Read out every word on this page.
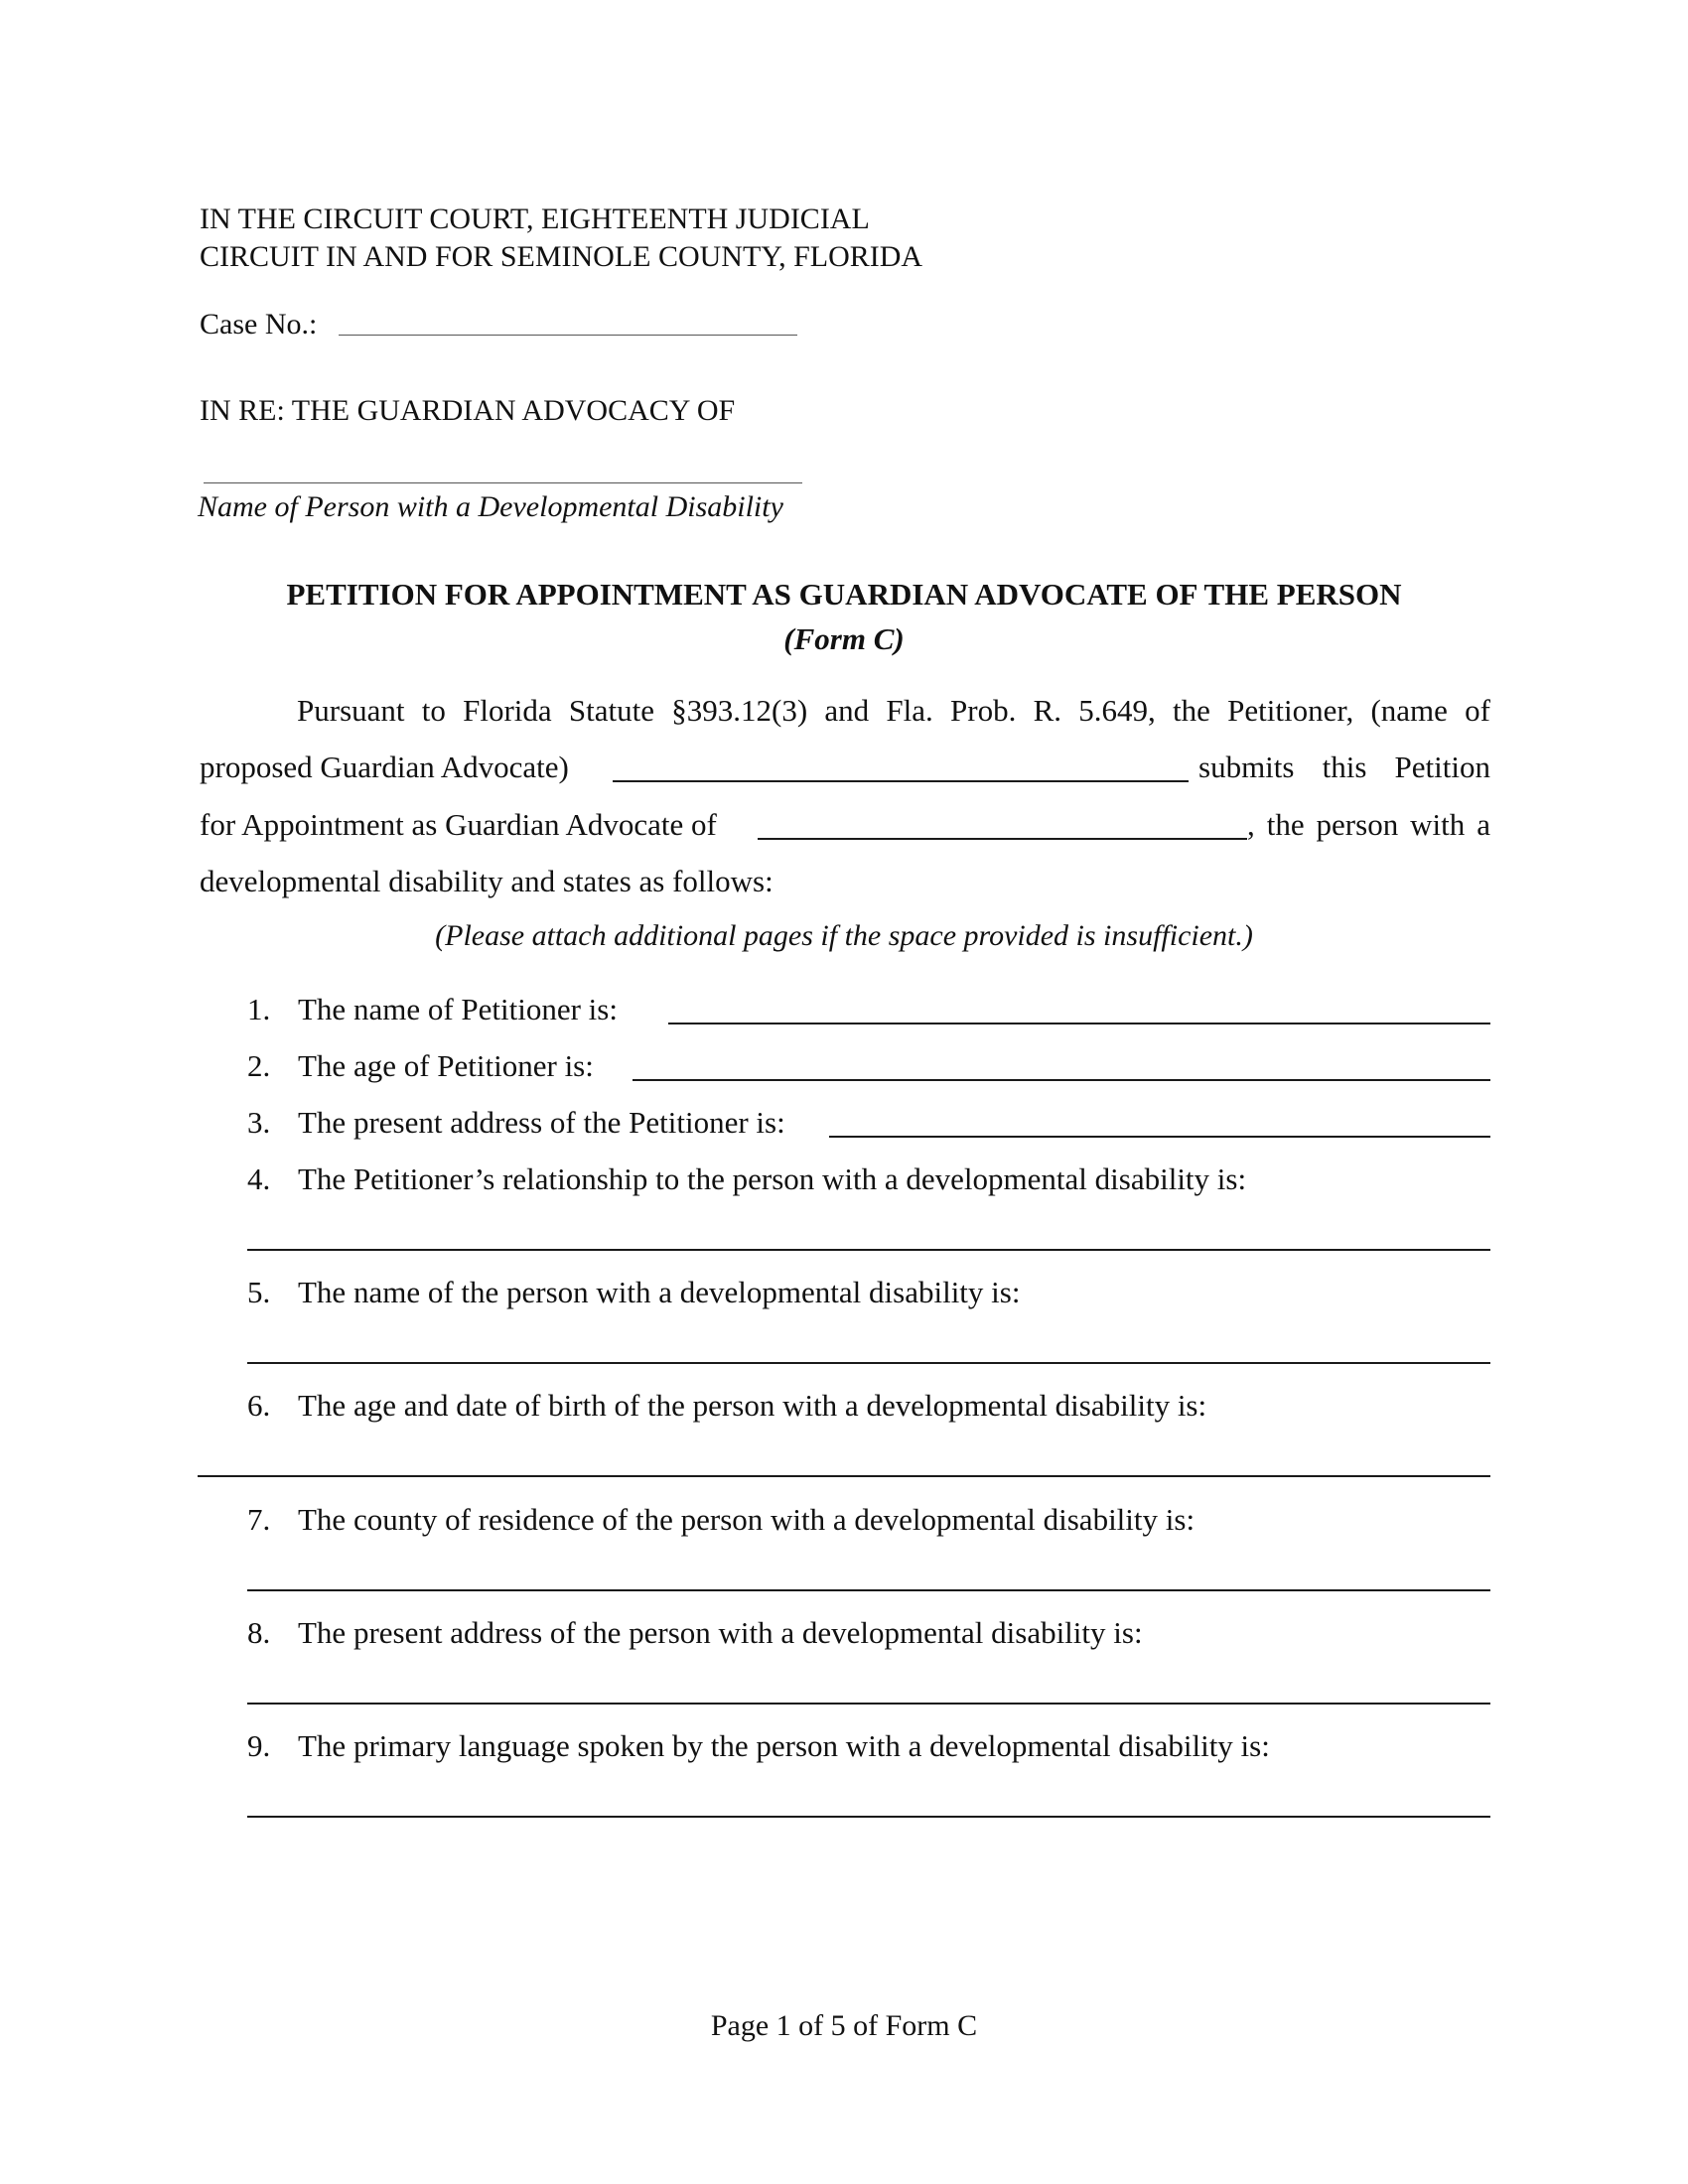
IN THE CIRCUIT COURT, EIGHTEENTH JUDICIAL
CIRCUIT IN AND FOR SEMINOLE COUNTY, FLORIDA
Case No.:
IN RE: THE GUARDIAN ADVOCACY OF
Name of Person with a Developmental Disability
PETITION FOR APPOINTMENT AS GUARDIAN ADVOCATE OF THE PERSON
(Form C)
Pursuant to Florida Statute §393.12(3) and Fla. Prob. R. 5.649, the Petitioner, (name of
proposed Guardian Advocate)	submits this Petition
for Appointment as Guardian Advocate of	, the person with a
developmental disability and states as follows:
(Please attach additional pages if the space provided is insufficient.)
1. The name of Petitioner is:
2. The age of Petitioner is:
3. The present address of the Petitioner is:
4. The Petitioner’s relationship to the person with a developmental disability is:
5. The name of the person with a developmental disability is:
6. The age and date of birth of the person with a developmental disability is:
7. The county of residence of the person with a developmental disability is:
8. The present address of the person with a developmental disability is:
9. The primary language spoken by the person with a developmental disability is:
Page 1 of 5 of Form C
